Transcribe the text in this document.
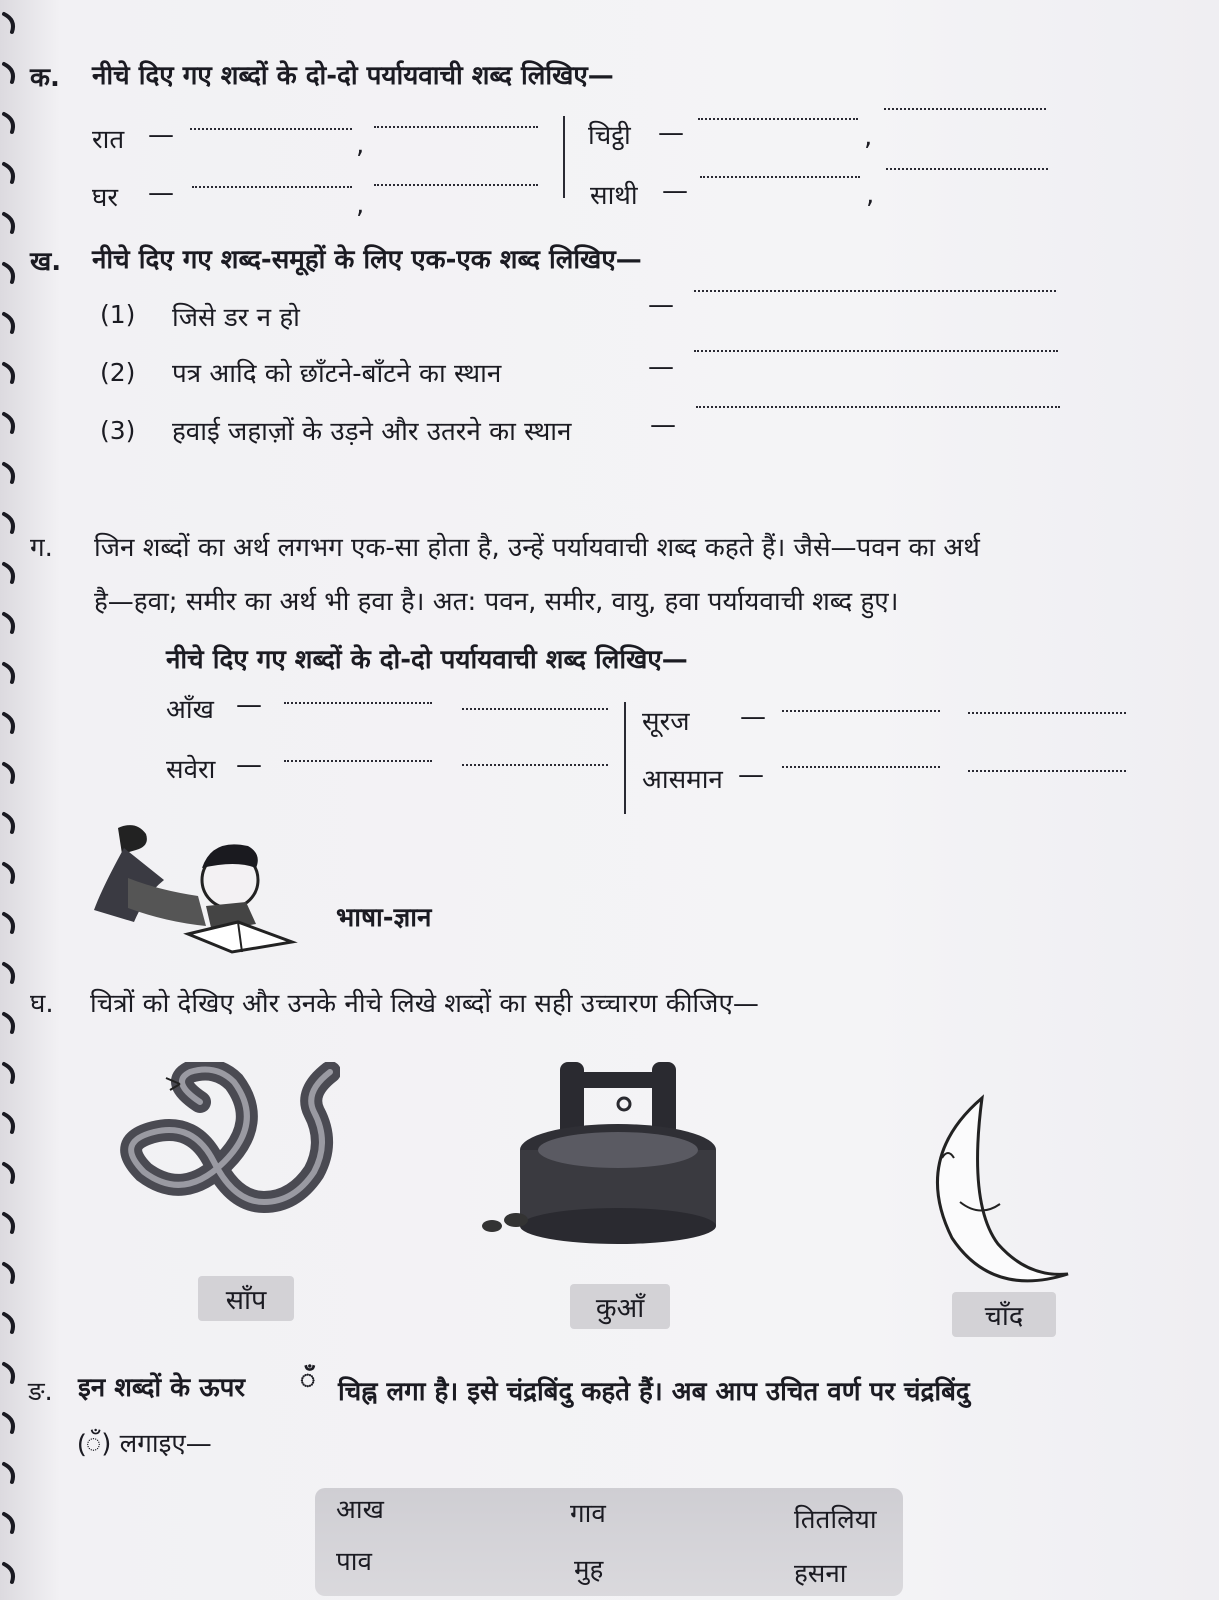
क. नीचे दिए गए शब्दों के दो-दो पर्यायवाची शब्द लिखिए—
रात —	,
घर —	,
चिट्ठी —	,
साथी —	,
ख. नीचे दिए गए शब्द-समूहों के लिए एक-एक शब्द लिखिए—
(1) जिसे डर न हो	—
(2) पत्र आदि को छाँटने-बाँटने का स्थान	—
(3) हवाई जहाज़ों के उड़ने और उतरने का स्थान	—
ग. जिन शब्दों का अर्थ लगभग एक-सा होता है, उन्हें पर्यायवाची शब्द कहते हैं। जैसे—पवन का अर्थ
है—हवा; समीर का अर्थ भी हवा है। अत: पवन, समीर, वायु, हवा पर्यायवाची शब्द हुए।
नीचे दिए गए शब्दों के दो-दो पर्यायवाची शब्द लिखिए—
आँख —
सवेरा —
सूरज —
आसमान —
भाषा-ज्ञान
घ. चित्रों को देखिए और उनके नीचे लिखे शब्दों का सही उच्चारण कीजिए—
साँप	कुआँ	चाँद
ङ. इन शब्दों के ऊपर ँ चिह्न लगा है। इसे चंद्रबिंदु कहते हैं। अब आप उचित वर्ण पर चंद्रबिंदु
(ँ) लगाइए—
आख	गाव	तितलिया
पाव	मुह	हसना
